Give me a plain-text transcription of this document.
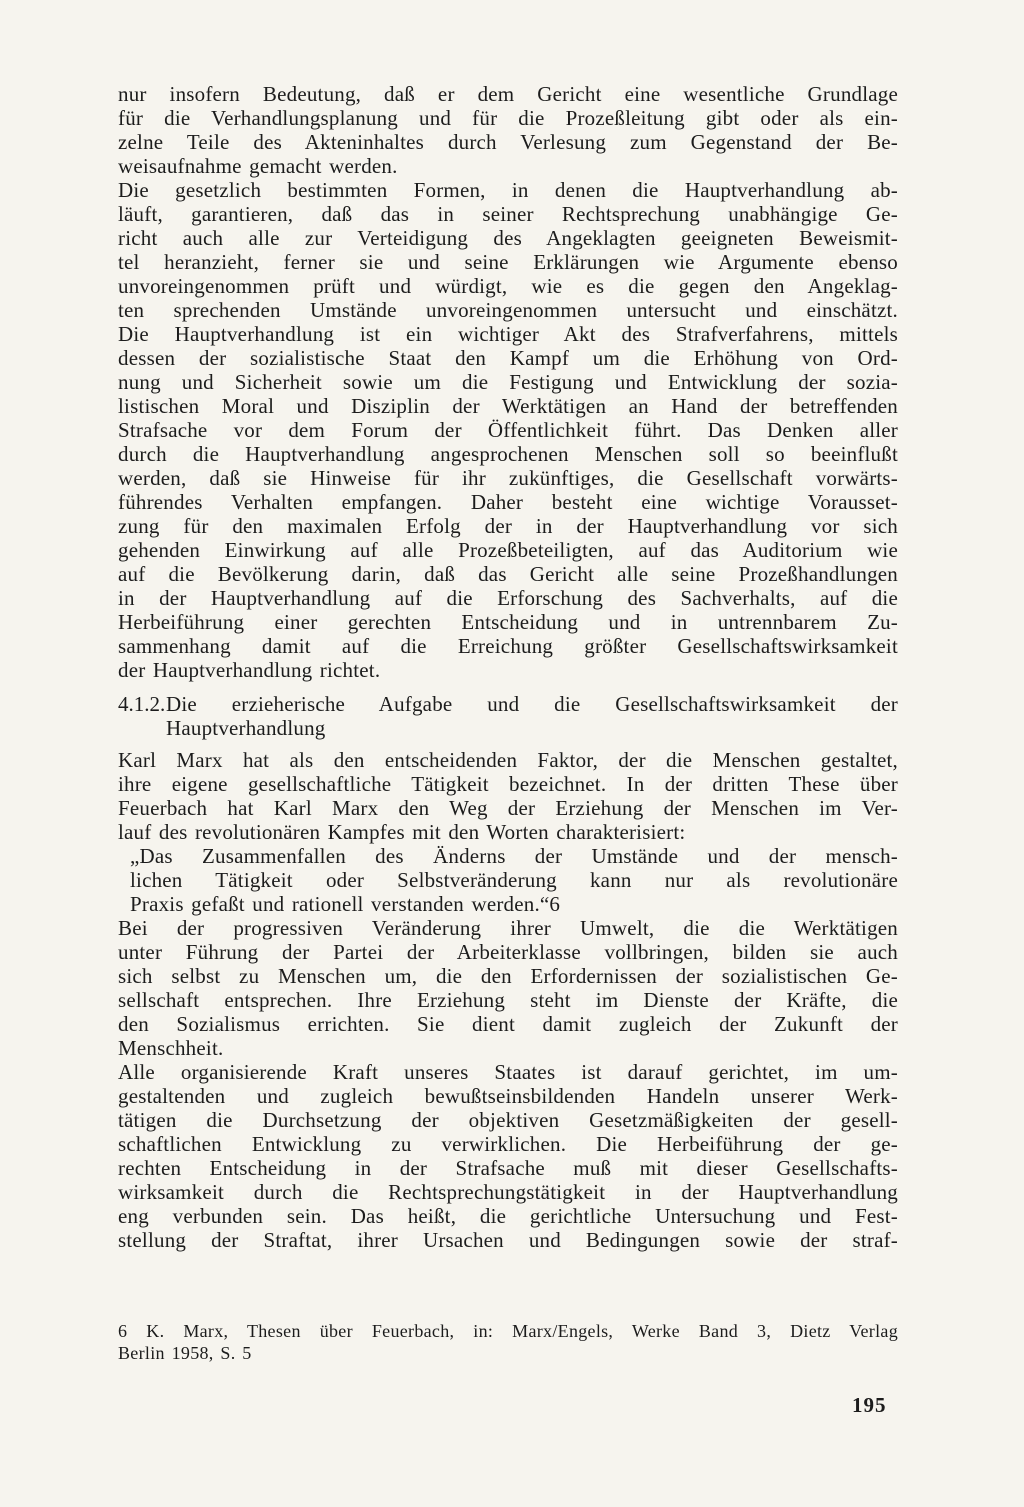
nur insofern Bedeutung, daß er dem Gericht eine wesentliche Grundlage
für die Verhandlungsplanung und für die Prozeßleitung gibt oder als ein-
zelne Teile des Akteninhaltes durch Verlesung zum Gegenstand der Be-
weisaufnahme gemacht werden.
Die gesetzlich bestimmten Formen, in denen die Hauptverhandlung ab-
läuft, garantieren, daß das in seiner Rechtsprechung unabhängige Ge-
richt auch alle zur Verteidigung des Angeklagten geeigneten Beweismit-
tel heranzieht, ferner sie und seine Erklärungen wie Argumente ebenso
unvoreingenommen prüft und würdigt, wie es die gegen den Angeklag-
ten sprechenden Umstände unvoreingenommen untersucht und einschätzt.
Die Hauptverhandlung ist ein wichtiger Akt des Strafverfahrens, mittels
dessen der sozialistische Staat den Kampf um die Erhöhung von Ord-
nung und Sicherheit sowie um die Festigung und Entwicklung der sozia-
listischen Moral und Disziplin der Werktätigen an Hand der betreffenden
Strafsache vor dem Forum der Öffentlichkeit führt. Das Denken aller
durch die Hauptverhandlung angesprochenen Menschen soll so beeinflußt
werden, daß sie Hinweise für ihr zukünftiges, die Gesellschaft vorwärts-
führendes Verhalten empfangen. Daher besteht eine wichtige Vorausset-
zung für den maximalen Erfolg der in der Hauptverhandlung vor sich
gehenden Einwirkung auf alle Prozeßbeteiligten, auf das Auditorium wie
auf die Bevölkerung darin, daß das Gericht alle seine Prozeßhandlungen
in der Hauptverhandlung auf die Erforschung des Sachverhalts, auf die
Herbeiführung einer gerechten Entscheidung und in untrennbarem Zu-
sammenhang damit auf die Erreichung größter Gesellschaftswirksamkeit
der Hauptverhandlung richtet.
4.1.2. Die erzieherische Aufgabe und die Gesellschaftswirksamkeit der
Hauptverhandlung
Karl Marx hat als den entscheidenden Faktor, der die Menschen gestaltet,
ihre eigene gesellschaftliche Tätigkeit bezeichnet. In der dritten These über
Feuerbach hat Karl Marx den Weg der Erziehung der Menschen im Ver-
lauf des revolutionären Kampfes mit den Worten charakterisiert:
„Das Zusammenfallen des Änderns der Umstände und der mensch-
lichen Tätigkeit oder Selbstveränderung kann nur als revolutionäre
Praxis gefaßt und rationell verstanden werden.“6
Bei der progressiven Veränderung ihrer Umwelt, die die Werktätigen
unter Führung der Partei der Arbeiterklasse vollbringen, bilden sie auch
sich selbst zu Menschen um, die den Erfordernissen der sozialistischen Ge-
sellschaft entsprechen. Ihre Erziehung steht im Dienste der Kräfte, die
den Sozialismus errichten. Sie dient damit zugleich der Zukunft der
Menschheit.
Alle organisierende Kraft unseres Staates ist darauf gerichtet, im um-
gestaltenden und zugleich bewußtseinsbildenden Handeln unserer Werk-
tätigen die Durchsetzung der objektiven Gesetzmäßigkeiten der gesell-
schaftlichen Entwicklung zu verwirklichen. Die Herbeiführung der ge-
rechten Entscheidung in der Strafsache muß mit dieser Gesellschafts-
wirksamkeit durch die Rechtsprechungstätigkeit in der Hauptverhandlung
eng verbunden sein. Das heißt, die gerichtliche Untersuchung und Fest-
stellung der Straftat, ihrer Ursachen und Bedingungen sowie der straf-
6 K. Marx, Thesen über Feuerbach, in: Marx/Engels, Werke Band 3, Dietz Verlag
Berlin 1958, S. 5
195
